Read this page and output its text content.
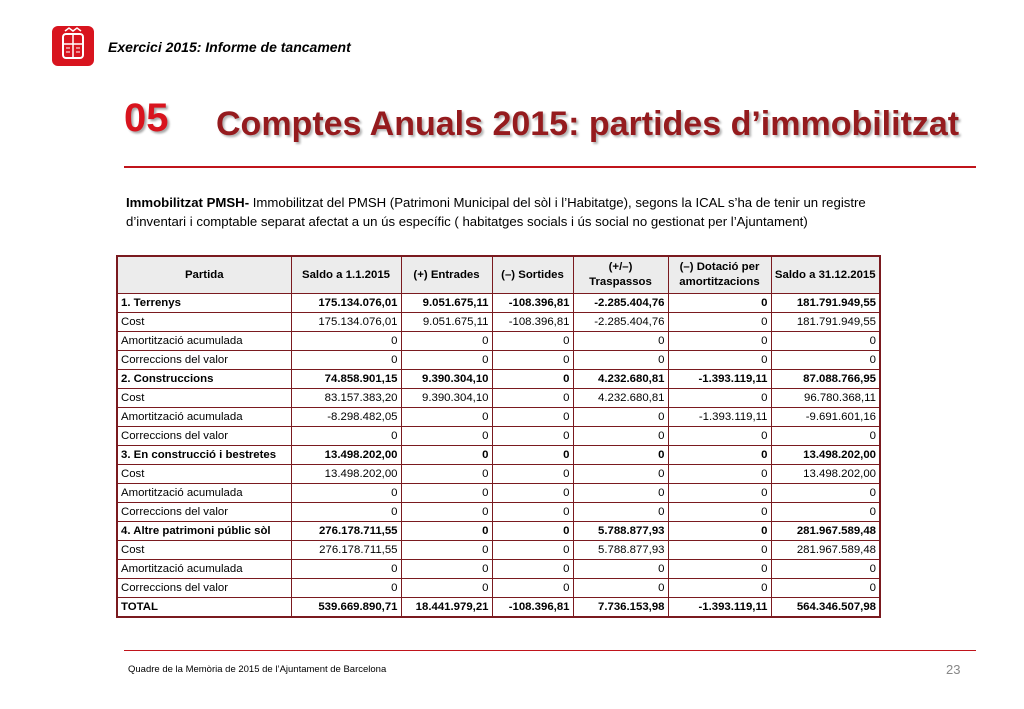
Exercici 2015: Informe de tancament
05 Comptes Anuals 2015: partides d’immobilitzat
Immobilitzat PMSH- Immobilitzat del PMSH (Patrimoni Municipal del sòl i l’Habitatge), segons la ICAL s’ha de tenir un registre d’inventari i comptable separat afectat a un ús específic ( habitatges socials i ús social no gestionat per l’Ajuntament)
Partida	Saldo a 1.1.2015	(+) Entrades	(–) Sortides	(+/–) Traspassos	(–) Dotació per amortitzacions	Saldo a 31.12.2015
1. Terrenys	175.134.076,01	9.051.675,11	-108.396,81	-2.285.404,76	0	181.791.949,55
Cost	175.134.076,01	9.051.675,11	-108.396,81	-2.285.404,76	0	181.791.949,55
Amortització acumulada	0	0	0	0	0	0
Correccions del valor	0	0	0	0	0	0
2. Construccions	74.858.901,15	9.390.304,10	0	4.232.680,81	-1.393.119,11	87.088.766,95
Cost	83.157.383,20	9.390.304,10	0	4.232.680,81	0	96.780.368,11
Amortització acumulada	-8.298.482,05	0	0	0	-1.393.119,11	-9.691.601,16
Correccions del valor	0	0	0	0	0	0
3. En construcció i bestretes	13.498.202,00	0	0	0	0	13.498.202,00
Cost	13.498.202,00	0	0	0	0	13.498.202,00
Amortització acumulada	0	0	0	0	0	0
Correccions del valor	0	0	0	0	0	0
4. Altre patrimoni públic sòl	276.178.711,55	0	0	5.788.877,93	0	281.967.589,48
Cost	276.178.711,55	0	0	5.788.877,93	0	281.967.589,48
Amortització acumulada	0	0	0	0	0	0
Correccions del valor	0	0	0	0	0	0
TOTAL	539.669.890,71	18.441.979,21	-108.396,81	7.736.153,98	-1.393.119,11	564.346.507,98
Quadre de la Memòria de 2015 de l’Ajuntament de Barcelona	23
